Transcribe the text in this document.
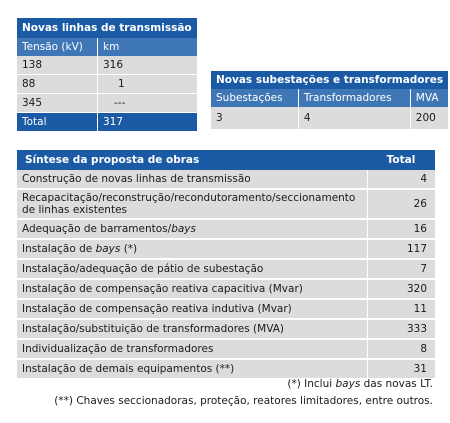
Novas linhas de transmissão	
Tensão (kV)	km
138	316
88	1
345	---
Total	317
Novas subestações e transformadores		
Subestações	Transformadores	MVA
3	4	200
Síntese da proposta de obras	Total
Construção de novas linhas de transmissão	4
Recapacitação/reconstrução/recondutoramento/seccionamento de linhas existentes	26
Adequação de barramentos/bays	16
Instalação de bays (*)	117
Instalação/adequação de pátio de subestação	7
Instalação de compensação reativa capacitiva (Mvar)	320
Instalação de compensação reativa indutiva (Mvar)	11
Instalação/substituição de transformadores (MVA)	333
Individualização de transformadores	8
Instalação de demais equipamentos (**)	31
(*) Inclui bays das novas LT.
(**) Chaves seccionadoras, proteção, reatores limitadores, entre outros.
